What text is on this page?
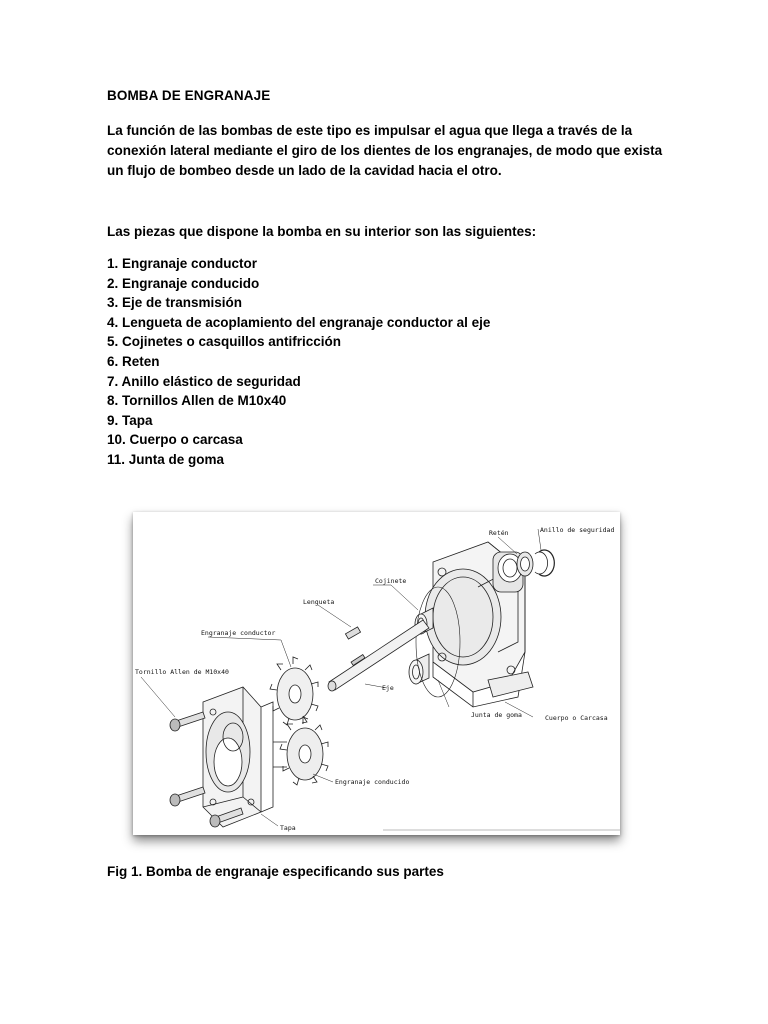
BOMBA DE ENGRANAJE
La función de las bombas de este tipo es impulsar el agua que llega a través de la conexión lateral mediante el giro de los dientes de los engranajes, de modo que exista un flujo de bombeo desde un lado de la cavidad hacia el otro.
Las piezas que dispone la bomba en su interior son las siguientes:
1. Engranaje conductor
2. Engranaje conducido
3. Eje de transmisión
4. Lengueta de acoplamiento del engranaje conductor al eje
5. Cojinetes o casquillos antifricción
6. Reten
7. Anillo elástico de seguridad
8. Tornillos Allen de M10x40
9. Tapa
10. Cuerpo o carcasa
11. Junta de goma
Retén	Anillo de seguridad
Cojinete
Lengueta
Engranaje conductor
Tornillo Allen de M10x40
Eje
Junta de goma	Cuerpo o Carcasa
Engranaje conducido
Tapa
Fig 1. Bomba de engranaje especificando sus partes
